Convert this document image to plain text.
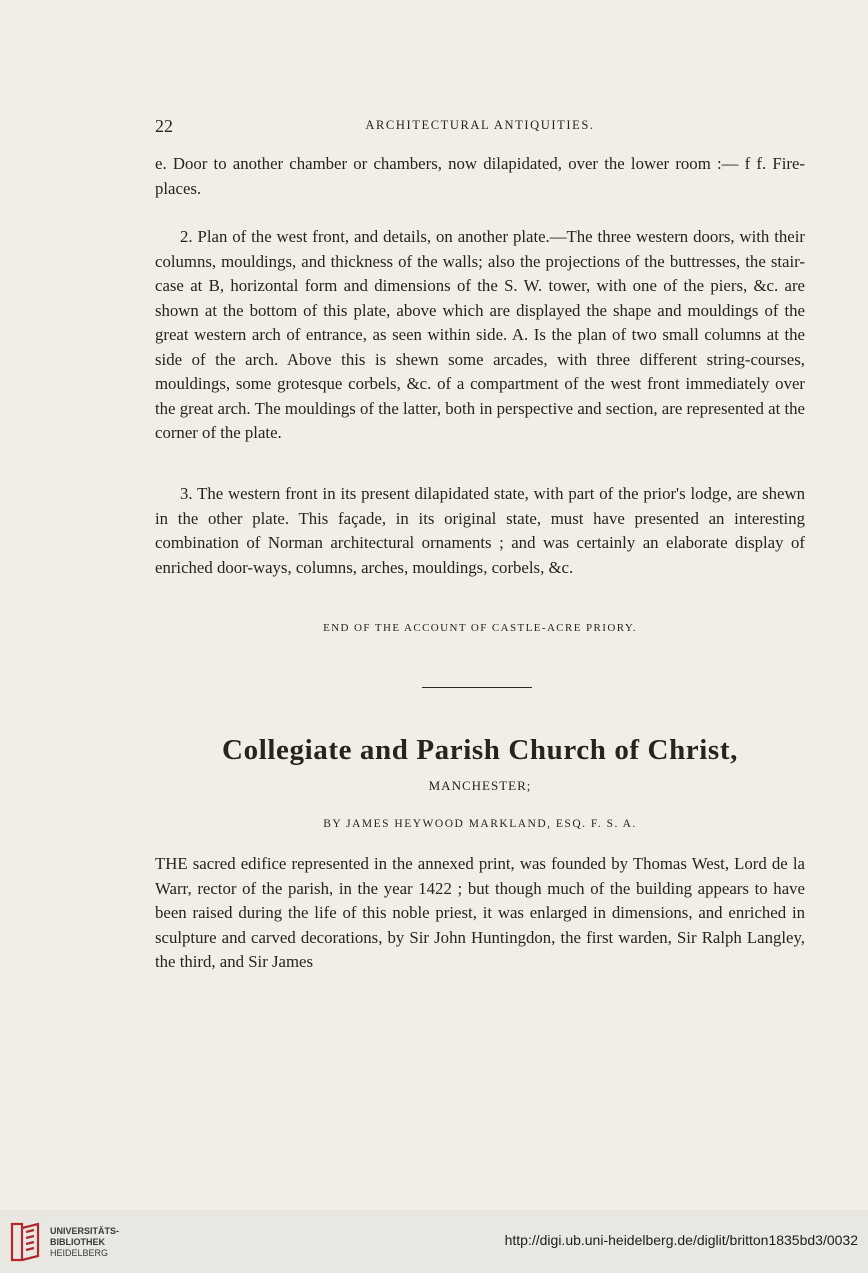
22	ARCHITECTURAL ANTIQUITIES.

e. Door to another chamber or chambers, now dilapidated, over the lower room :— f f. Fire-places.

2. Plan of the west front, and details, on another plate.—The three western doors, with their columns, mouldings, and thickness of the walls; also the projections of the buttresses, the stair-case at B, horizontal form and dimensions of the S. W. tower, with one of the piers, &c. are shown at the bottom of this plate, above which are displayed the shape and mouldings of the great western arch of entrance, as seen within side. A. Is the plan of two small columns at the side of the arch. Above this is shewn some arcades, with three different string-courses, mouldings, some grotesque corbels, &c. of a compartment of the west front immediately over the great arch. The mouldings of the latter, both in perspective and section, are represented at the corner of the plate.

3. The western front in its present dilapidated state, with part of the prior's lodge, are shewn in the other plate. This façade, in its original state, must have presented an interesting combination of Norman architectural ornaments ; and was certainly an elaborate display of enriched door-ways, columns, arches, mouldings, corbels, &c.

END OF THE ACCOUNT OF CASTLE-ACRE PRIORY.
Collegiate and Parish Church of Christ,
MANCHESTER;
BY JAMES HEYWOOD MARKLAND, ESQ. F. S. A.

THE sacred edifice represented in the annexed print, was founded by Thomas West, Lord de la Warr, rector of the parish, in the year 1422 ; but though much of the building appears to have been raised during the life of this noble priest, it was enlarged in dimensions, and enriched in sculpture and carved decorations, by Sir John Huntingdon, the first warden, Sir Ralph Langley, the third, and Sir James

UNIVERSITÄTS-
BIBLIOTHEK
HEIDELBERG
http://digi.ub.uni-heidelberg.de/diglit/britton1835bd3/0032
